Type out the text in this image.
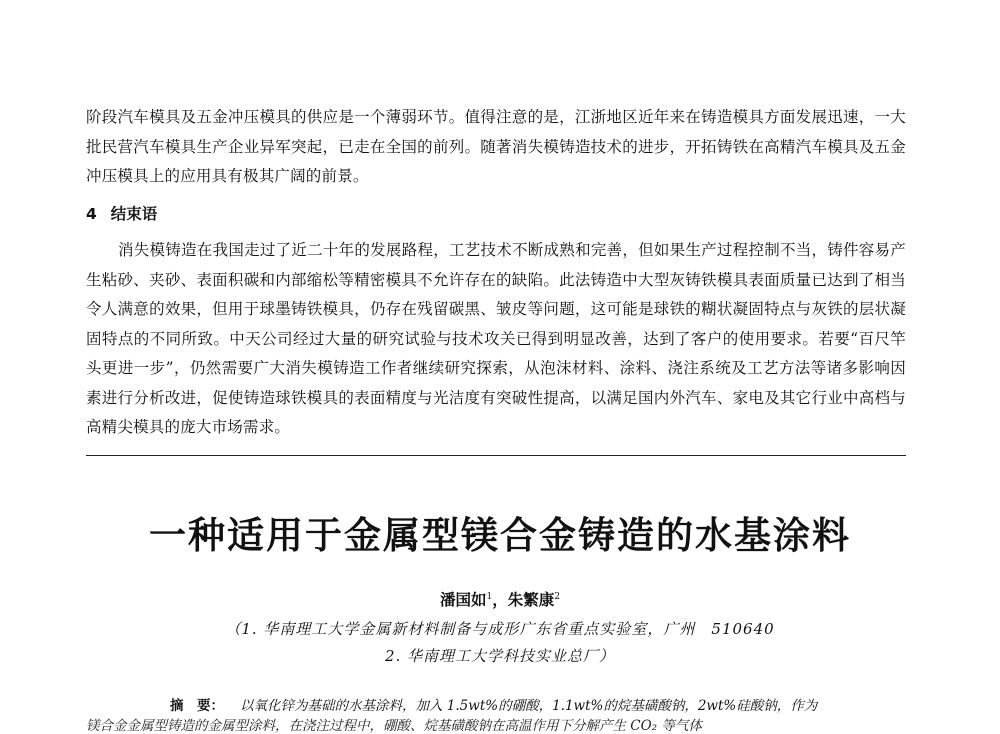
阶段汽车模具及五金冲压模具的供应是一个薄弱环节。值得注意的是，江浙地区近年来在铸造模具方面发展迅速，一大批民营汽车模具生产企业异军突起，已走在全国的前列。随著消失模铸造技术的进步，开拓铸铁在高精汽车模具及五金冲压模具上的应用具有极其广阔的前景。
4 结束语
消失模铸造在我国走过了近二十年的发展路程，工艺技术不断成熟和完善，但如果生产过程控制不当，铸件容易产生粘砂、夹砂、表面积碳和内部缩松等精密模具不允许存在的缺陷。此法铸造中大型灰铸铁模具表面质量已达到了相当令人满意的效果，但用于球墨铸铁模具，仍存在残留碳黑、皱皮等问题，这可能是球铁的糊状凝固特点与灰铁的层状凝固特点的不同所致。中天公司经过大量的研究试验与技术攻关已得到明显改善，达到了客户的使用要求。若要“百尺竿头更进一步”，仍然需要广大消失模铸造工作者继续研究探索，从泡沫材料、涂料、浇注系统及工艺方法等诸多影响因素进行分析改进，促使铸造球铁模具的表面精度与光洁度有突破性提高，以满足国内外汽车、家电及其它行业中高档与高精尖模具的庞大市场需求。
一种适用于金属型镁合金铸造的水基涂料
潘国如$^1$，朱繁康$^2$
（1. 华南理工大学金属新材料制备与成形广东省重点实验室，广州　510640
2. 华南理工大学科技实业总厂）
摘　要： 以氧化锌为基础的水基涂料，加入 1.5wt%的硼酸，1.1wt%的烷基磺酸钠，2wt%硅酸钠，作为
镁合金金属型铸造的金属型涂料，在浇注过程中，硼酸、烷基磺酸钠在高温作用下分解产生 CO₂ 等气体
